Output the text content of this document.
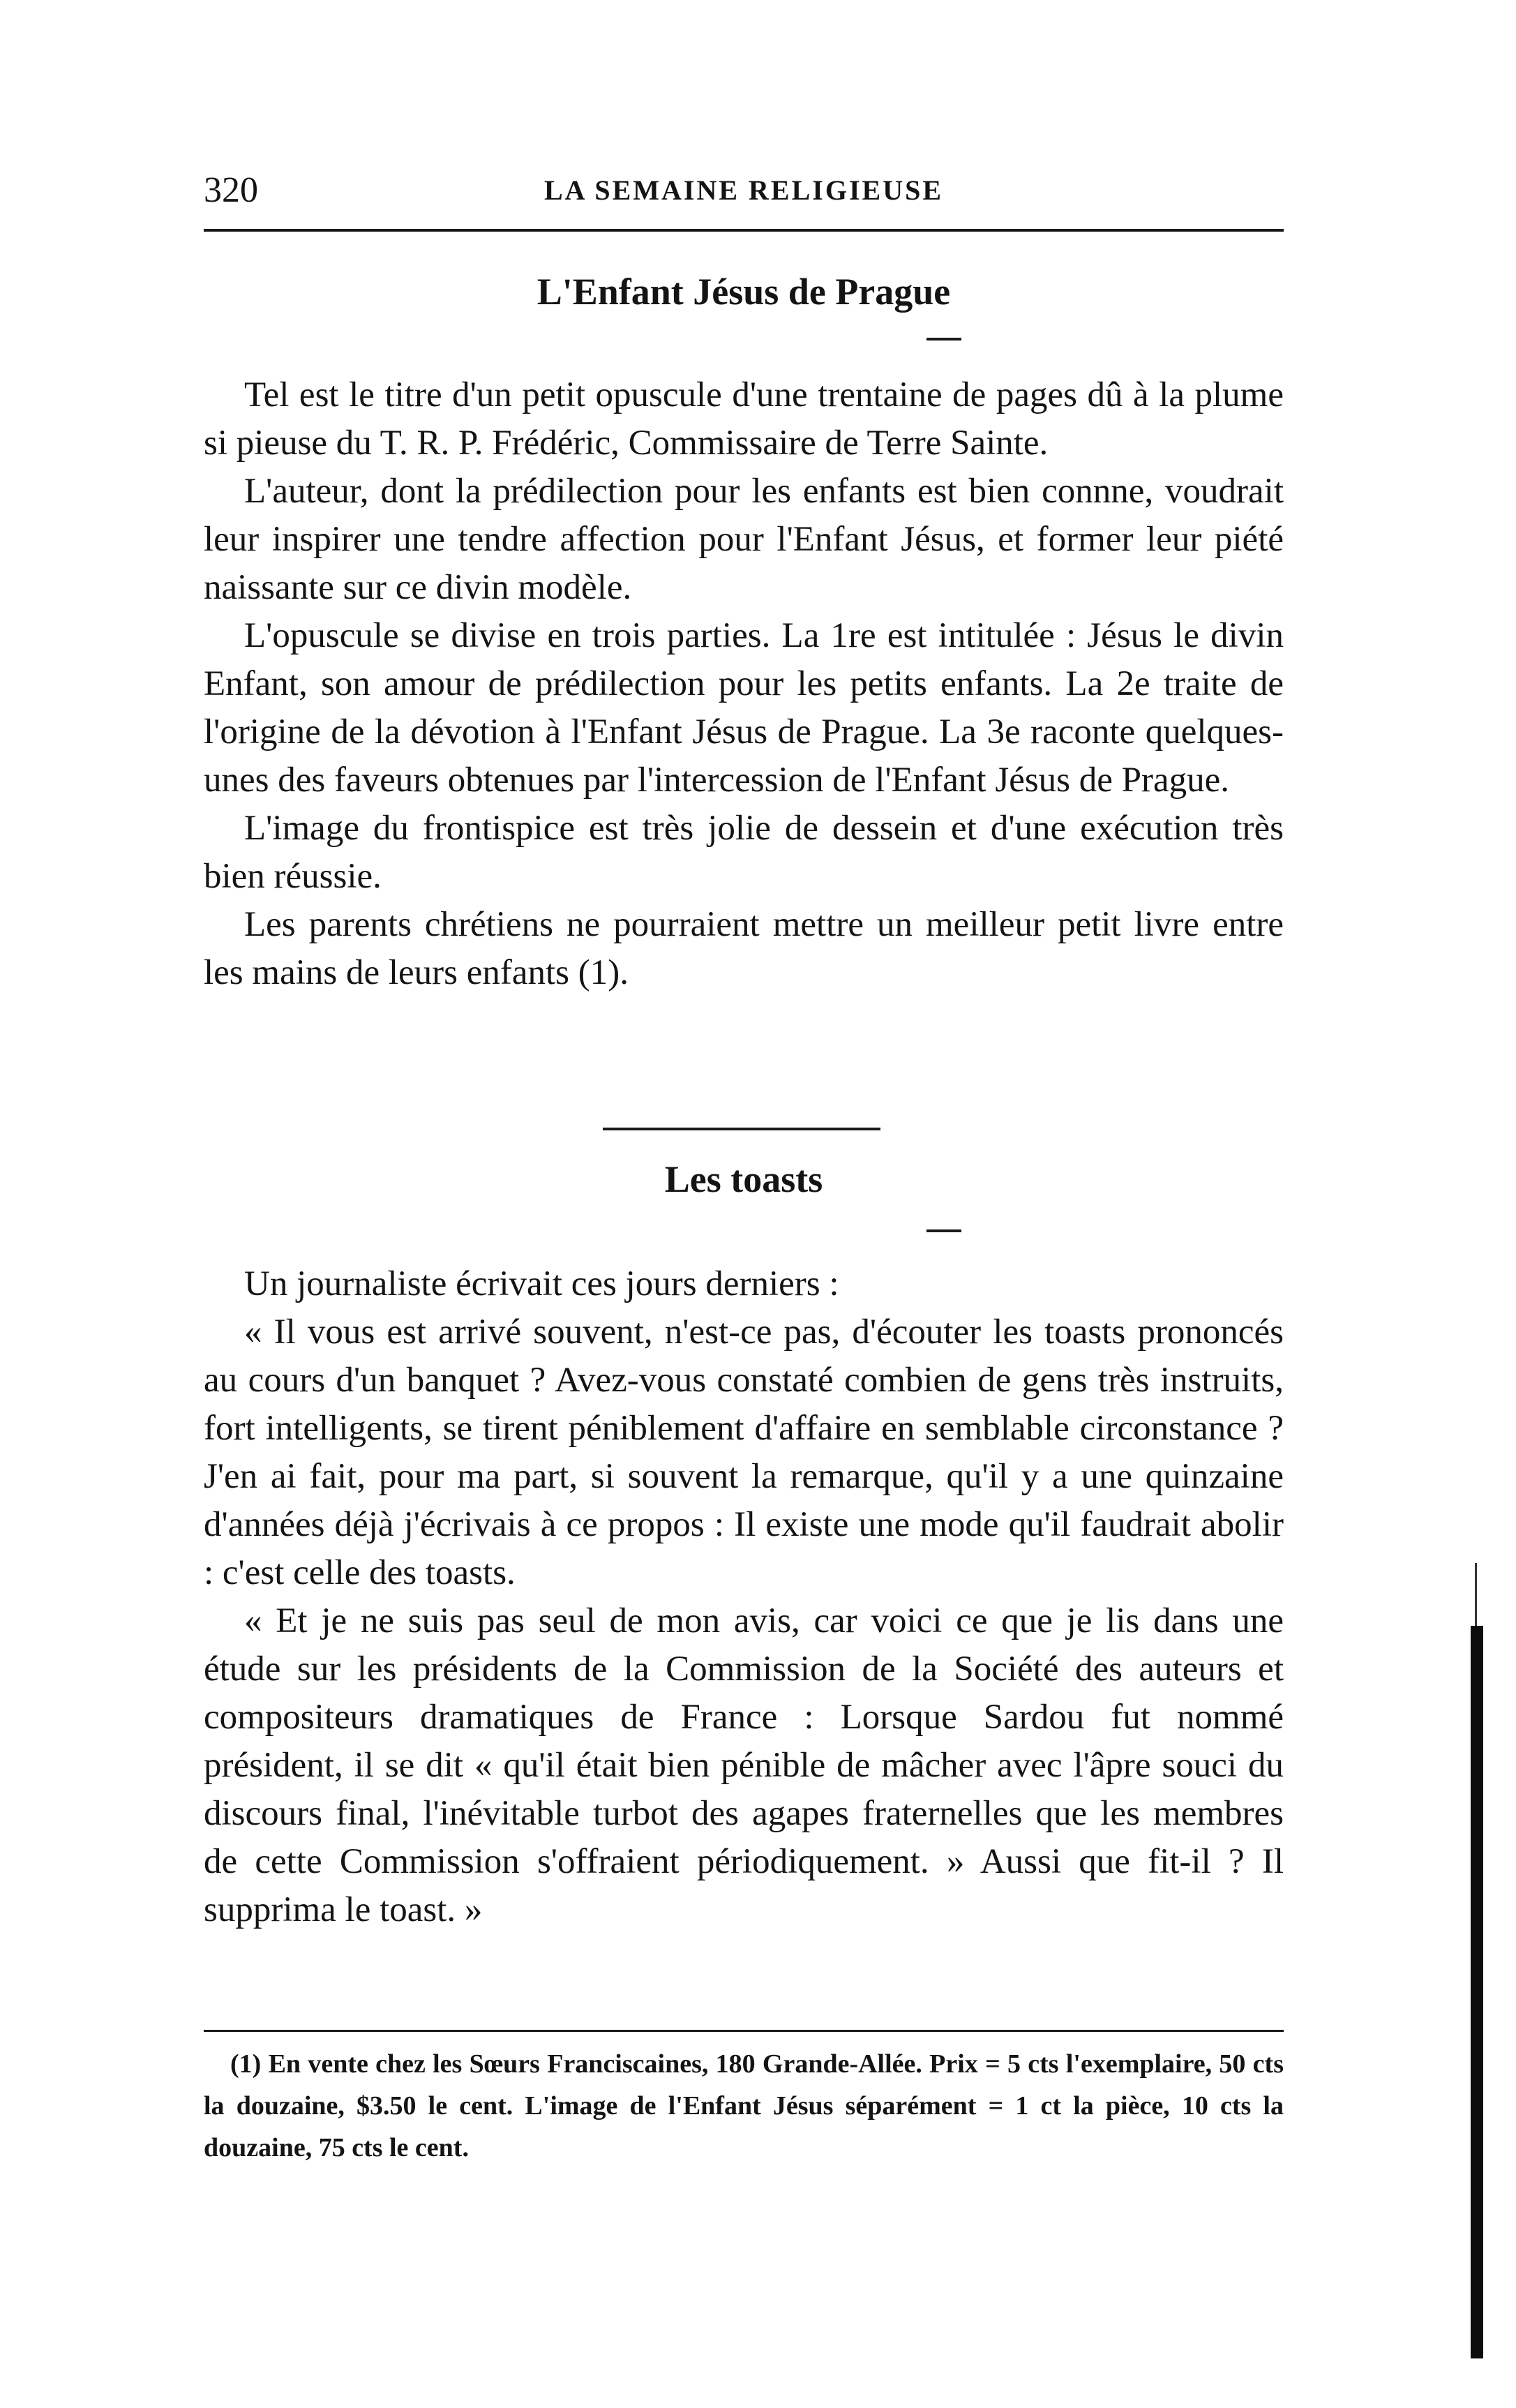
320	LA SEMAINE RELIGIEUSE
L'Enfant Jésus de Prague

Tel est le titre d'un petit opuscule d'une trentaine de pages dû à la plume si pieuse du T. R. P. Frédéric, Commissaire de Terre Sainte.

L'auteur, dont la prédilection pour les enfants est bien connne, voudrait leur inspirer une tendre affection pour l'Enfant Jésus, et former leur piété naissante sur ce divin modèle.

L'opuscule se divise en trois parties. La 1re est intitulée : Jésus le divin Enfant, son amour de prédilection pour les petits enfants. La 2e traite de l'origine de la dévotion à l'Enfant Jésus de Prague. La 3e raconte quelques-unes des faveurs obtenues par l'intercession de l'Enfant Jésus de Prague.

L'image du frontispice est très jolie de dessein et d'une exécution très bien réussie.

Les parents chrétiens ne pourraient mettre un meilleur petit livre entre les mains de leurs enfants (1).

Les toasts

Un journaliste écrivait ces jours derniers :

« Il vous est arrivé souvent, n'est-ce pas, d'écouter les toasts prononcés au cours d'un banquet ? Avez-vous constaté combien de gens très instruits, fort intelligents, se tirent péniblement d'affaire en semblable circonstance ? J'en ai fait, pour ma part, si souvent la remarque, qu'il y a une quinzaine d'années déjà j'écrivais à ce propos : Il existe une mode qu'il faudrait abolir : c'est celle des toasts.

« Et je ne suis pas seul de mon avis, car voici ce que je lis dans une étude sur les présidents de la Commission de la Société des auteurs et compositeurs dramatiques de France : Lorsque Sardou fut nommé président, il se dit « qu'il était bien pénible de mâcher avec l'âpre souci du discours final, l'inévitable turbot des agapes fraternelles que les membres de cette Commission s'offraient périodiquement. » Aussi que fit-il ? Il supprima le toast. »

(1) En vente chez les Sœurs Franciscaines, 180 Grande-Allée. Prix = 5 cts l'exemplaire, 50 cts la douzaine, $3.50 le cent. L'image de l'Enfant Jésus séparément = 1 ct la pièce, 10 cts la douzaine, 75 cts le cent.
